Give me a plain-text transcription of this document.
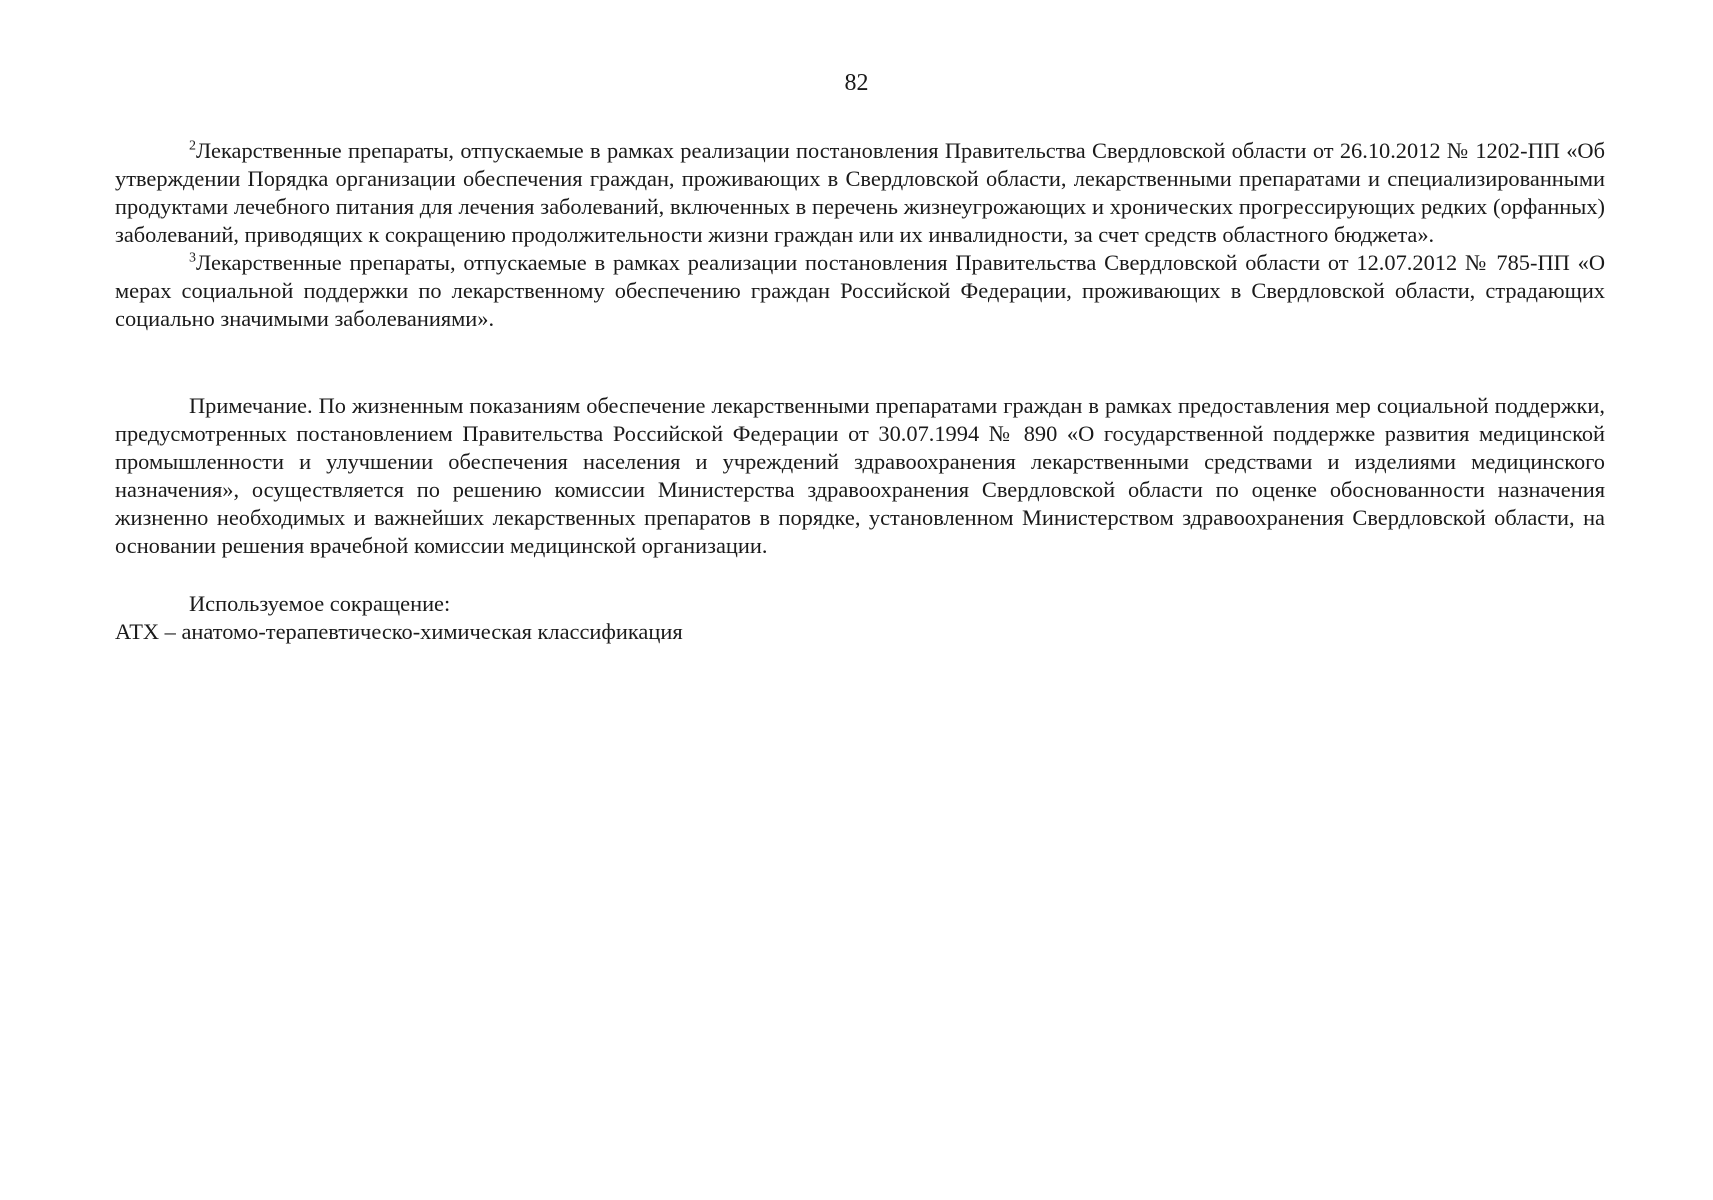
82

$^2$Лекарственные препараты, отпускаемые в рамках реализации постановления Правительства Свердловской области от 26.10.2012 № 1202-ПП «Об утверждении Порядка организации обеспечения граждан, проживающих в Свердловской области, лекарственными препаратами и специализированными продуктами лечебного питания для лечения заболеваний, включенных в перечень жизнеугрожающих и хронических прогрессирующих редких (орфанных) заболеваний, приводящих к сокращению продолжительности жизни граждан или их инвалидности, за счет средств областного бюджета».

$^3$Лекарственные препараты, отпускаемые в рамках реализации постановления Правительства Свердловской области от 12.07.2012 № 785-ПП «О мерах социальной поддержки по лекарственному обеспечению граждан Российской Федерации, проживающих в Свердловской области, страдающих социально значимыми заболеваниями».

Примечание. По жизненным показаниям обеспечение лекарственными препаратами граждан в рамках предоставления мер социальной поддержки, предусмотренных постановлением Правительства Российской Федерации от 30.07.1994 № 890 «О государственной поддержке развития медицинской промышленности и улучшении обеспечения населения и учреждений здравоохранения лекарственными средствами и изделиями медицинского назначения», осуществляется по решению комиссии Министерства здравоохранения Свердловской области по оценке обоснованности назначения жизненно необходимых и важнейших лекарственных препаратов в порядке, установленном Министерством здравоохранения Свердловской области, на основании решения врачебной комиссии медицинской организации.

Используемое сокращение:

АТХ – анатомо-терапевтическо-химическая классификация
